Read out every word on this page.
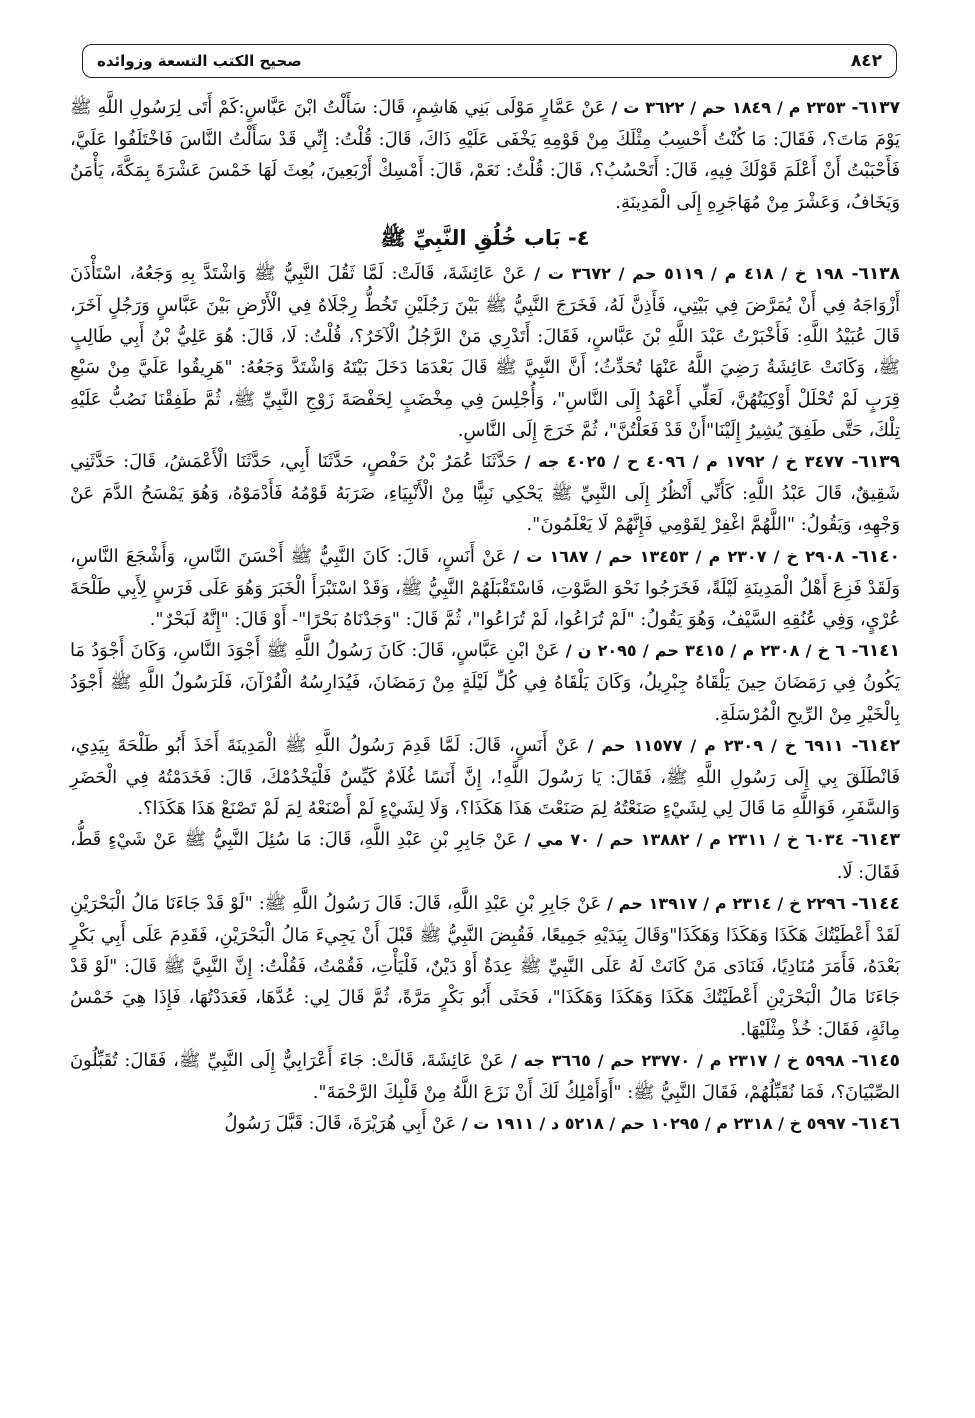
٨٤٢
صحيح الكتب التسعة وزوائده

٦١٣٧- ٢٣٥٣ م / ١٨٤٩ حم / ٣٦٢٢ ت / عَنْ عَمَّارٍ مَوْلَى بَنِي هَاشِمٍ، قَالَ: سَأَلْتُ ابْنَ عَبَّاسٍ:كَمْ أَتَى لِرَسُولِ اللَّهِ ﷺ يَوْمَ مَاتَ؟، فَقَالَ: مَا كُنْتُ أَحْسِبُ مِثْلَكَ مِنْ قَوْمِهِ يَخْفَى عَلَيْهِ ذَاكَ، قَالَ: قُلْتُ: إِنِّي قَدْ سَأَلْتُ النَّاسَ فَاخْتَلَفُوا عَلَيَّ، فَأَحْبَبْتُ أَنْ أَعْلَمَ قَوْلَكَ فِيهِ، قَالَ: أَتَحْسُبُ؟، قَالَ: قُلْتُ: نَعَمْ، قَالَ: أَمْسِكْ أَرْبَعِينَ، بُعِثَ لَهَا خَمْسَ عَشْرَةَ بِمَكَّةَ، يَأْمَنُ وَيَخَافُ، وَعَشْرَ مِنْ مُهَاجَرِهِ إِلَى الْمَدِينَةِ.

٤- بَاب خُلُقِ النَّبِيِّ ﷺ

٦١٣٨- ١٩٨ خ / ٤١٨ م / ٥١١٩ حم / ٣٦٧٢ ت / عَنْ عَائِشَةَ، قَالَتْ: لَمَّا ثَقُلَ النَّبِيُّ ﷺ وَاشْتَدَّ بِهِ وَجَعُهُ، اسْتَأْذَنَ أَزْوَاجَهُ فِي أَنْ يُمَرَّضَ فِي بَيْتِي، فَأَذِنَّ لَهُ، فَخَرَجَ النَّبِيُّ ﷺ بَيْنَ رَجُلَيْنِ تَخُطُّ رِجْلَاهُ فِي الْأَرْضِ بَيْنَ عَبَّاسٍ وَرَجُلٍ آخَرَ، قَالَ عُبَيْدُ اللَّهِ: فَأَخْبَرْتُ عَبْدَ اللَّهِ بْنَ عَبَّاسٍ، فَقَالَ: أَتَدْرِي مَنْ الرَّجُلُ الْآخَرُ؟، قُلْتُ: لَا، قَالَ: هُوَ عَلِيُّ بْنُ أَبِي طَالِبٍ ﷺ، وَكَانَتْ عَائِشَةُ رَضِيَ اللَّهُ عَنْهَا تُحَدِّثُ؛ أَنَّ النَّبِيَّ ﷺ قَالَ بَعْدَمَا دَخَلَ بَيْتَهُ وَاشْتَدَّ وَجَعُهُ: "هَرِيقُوا عَلَيَّ مِنْ سَبْعِ قِرَبٍ لَمْ تُحْلَلْ أَوْكِيَتُهُنَّ، لَعَلِّي أَعْهَدُ إِلَى النَّاسِ"، وَأُجْلِسَ فِي مِخْضَبٍ لِحَفْصَةَ زَوْجِ النَّبِيِّ ﷺ، ثُمَّ طَفِقْنَا نَصُبُّ عَلَيْهِ تِلْكَ، حَتَّى طَفِقَ يُشِيرُ إِلَيْنَا"أَنْ قَدْ فَعَلْتُنَّ"، ثُمَّ خَرَجَ إِلَى النَّاسِ.

٦١٣٩- ٣٤٧٧ خ / ١٧٩٢ م / ٤٠٩٦ ح / ٤٠٢٥ جه / حَدَّثَنَا عُمَرُ بْنُ حَفْصٍ، حَدَّثَنَا أَبِي، حَدَّثَنَا الْأَعْمَشُ، قَالَ: حَدَّثَنِي شَقِيقٌ، قَالَ عَبْدُ اللَّهِ: كَأَنِّي أَنْظُرُ إِلَى النَّبِيِّ ﷺ يَحْكِي نَبِيًّا مِنْ الْأَنْبِيَاءِ، ضَرَبَهُ قَوْمُهُ فَأَدْمَوْهُ، وَهُوَ يَمْسَحُ الدَّمَ عَنْ وَجْهِهِ، وَيَقُولُ: "اللَّهُمَّ اغْفِرْ لِقَوْمِي فَإِنَّهُمْ لَا يَعْلَمُونَ".

٦١٤٠- ٢٩٠٨ خ / ٢٣٠٧ م / ١٣٤٥٣ حم / ١٦٨٧ ت / عَنْ أَنَسٍ، قَالَ: كَانَ النَّبِيُّ ﷺ أَحْسَنَ النَّاسِ، وَأَشْجَعَ النَّاسِ، وَلَقَدْ فَزِعَ أَهْلُ الْمَدِينَةِ لَيْلَةً، فَخَرَجُوا نَحْوَ الصَّوْتِ، فَاسْتَقْبَلَهُمْ النَّبِيُّ ﷺ، وَقَدْ اسْتَبْرَأَ الْخَبَرَ وَهُوَ عَلَى فَرَسٍ لِأَبِي طَلْحَةَ عُرْيٍ، وَفِي عُنُقِهِ السَّيْفُ، وَهُوَ يَقُولُ: "لَمْ تُرَاعُوا، لَمْ تُرَاعُوا"، ثُمَّ قَالَ: "وَجَدْنَاهُ بَحْرًا"- أَوْ قَالَ: "إِنَّهُ لَبَحْرٌ".

٦١٤١- ٦ خ / ٢٣٠٨ م / ٣٤١٥ حم / ٢٠٩٥ ن / عَنْ ابْنِ عَبَّاسٍ، قَالَ: كَانَ رَسُولُ اللَّهِ ﷺ أَجْوَدَ النَّاسِ، وَكَانَ أَجْوَدُ مَا يَكُونُ فِي رَمَضَانَ حِينَ يَلْقَاهُ جِبْرِيلُ، وَكَانَ يَلْقَاهُ فِي كُلِّ لَيْلَةٍ مِنْ رَمَضَانَ، فَيُدَارِسُهُ الْقُرْآنَ، فَلَرَسُولُ اللَّهِ ﷺ أَجْوَدُ بِالْخَيْرِ مِنْ الرِّيحِ الْمُرْسَلَةِ.

٦١٤٢- ٦٩١١ خ / ٢٣٠٩ م / ١١٥٧٧ حم / عَنْ أَنَسٍ، قَالَ: لَمَّا قَدِمَ رَسُولُ اللَّهِ ﷺ الْمَدِينَةَ أَخَذَ أَبُو طَلْحَةَ بِيَدِي، فَانْطَلَقَ بِي إِلَى رَسُولِ اللَّهِ ﷺ، فَقَالَ: يَا رَسُولَ اللَّهِ!، إِنَّ أَنَسًا غُلَامٌ كَيِّسٌ فَلْيَخْدُمْكَ، قَالَ: فَخَدَمْتُهُ فِي الْحَضَرِ وَالسَّفَرِ، فَوَاللَّهِ مَا قَالَ لِي لِشَيْءٍ صَنَعْتُهُ لِمَ صَنَعْتَ هَذَا هَكَذَا؟، وَلَا لِشَيْءٍ لَمْ أَصْنَعْهُ لِمَ لَمْ تَصْنَعْ هَذَا هَكَذَا؟.

٦١٤٣- ٦٠٣٤ خ / ٢٣١١ م / ١٣٨٨٢ حم / ٧٠ مي / عَنْ جَابِرِ بْنِ عَبْدِ اللَّهِ، قَالَ: مَا سُئِلَ النَّبِيُّ ﷺ عَنْ شَيْءٍ قَطُّ، فَقَالَ: لَا.

٦١٤٤- ٢٢٩٦ خ / ٢٣١٤ م / ١٣٩١٧ حم / عَنْ جَابِرِ بْنِ عَبْدِ اللَّهِ، قَالَ: قَالَ رَسُولُ اللَّهِ ﷺ: "لَوْ قَدْ جَاءَنَا مَالُ الْبَحْرَيْنِ لَقَدْ أَعْطَيْتُكَ هَكَذَا وَهَكَذَا وَهَكَذَا"وَقَالَ بِيَدَيْهِ جَمِيعًا، فَقُبِضَ النَّبِيُّ ﷺ قَبْلَ أَنْ يَجِيءَ مَالُ الْبَحْرَيْنِ، فَقَدِمَ عَلَى أَبِي بَكْرٍ بَعْدَهُ، فَأَمَرَ مُنَادِيًا، فَنَادَى مَنْ كَانَتْ لَهُ عَلَى النَّبِيِّ ﷺ عِدَةٌ أَوْ دَيْنٌ، فَلْيَأْتِ، فَقُمْتُ، فَقُلْتُ: إِنَّ النَّبِيَّ ﷺ قَالَ: "لَوْ قَدْ جَاءَنَا مَالُ الْبَحْرَيْنِ أَعْطَيْتُكَ هَكَذَا وَهَكَذَا وَهَكَذَا"، فَحَثَى أَبُو بَكْرٍ مَرَّةً، ثُمَّ قَالَ لِي: عُدَّهَا، فَعَدَدْتُهَا، فَإِذَا هِيَ خَمْسُ مِائَةٍ، فَقَالَ: خُذْ مِثْلَيْهَا.

٦١٤٥- ٥٩٩٨ خ / ٢٣١٧ م / ٢٣٧٧٠ حم / ٣٦٦٥ جه / عَنْ عَائِشَةَ، قَالَتْ: جَاءَ أَعْرَابِيٌّ إِلَى النَّبِيِّ ﷺ، فَقَالَ: تُقَبِّلُونَ الصِّبْيَانَ؟، فَمَا نُقَبِّلُهُمْ، فَقَالَ النَّبِيُّ ﷺ: "أَوَأَمْلِكُ لَكَ أَنْ نَزَعَ اللَّهُ مِنْ قَلْبِكَ الرَّحْمَةَ".

٦١٤٦- ٥٩٩٧ خ / ٢٣١٨ م / ١٠٢٩٥ حم / ٥٢١٨ د / ١٩١١ ت / عَنْ أَبِي هُرَيْرَةَ، قَالَ: قَبَّلَ رَسُولُ
